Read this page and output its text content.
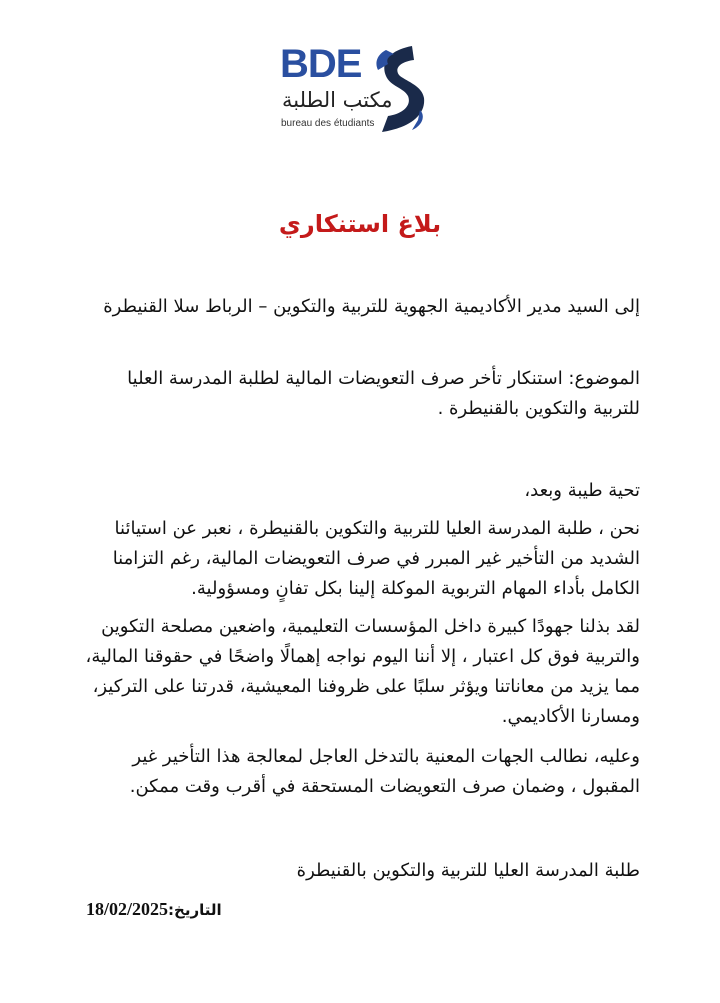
BDE
مكتب الطلبة
bureau des étudiants
بلاغ استنكاري
إلى السيد مدير الأكاديمية الجهوية للتربية والتكوين – الرباط سلا القنيطرة
الموضوع: استنكار تأخر صرف التعويضات المالية لطلبة المدرسة العليا للتربية والتكوين بالقنيطرة .
تحية طيبة وبعد،
نحن ، طلبة المدرسة العليا للتربية والتكوين بالقنيطرة ، نعبر عن استيائنا الشديد من التأخير غير المبرر في صرف التعويضات المالية، رغم التزامنا الكامل بأداء المهام التربوية الموكلة إلينا بكل تفانٍ ومسؤولية.
لقد بذلنا جهودًا كبيرة داخل المؤسسات التعليمية، واضعين مصلحة التكوين والتربية فوق كل اعتبار ، إلا أننا اليوم نواجه إهمالًا واضحًا في حقوقنا المالية، مما يزيد من معاناتنا ويؤثر سلبًا على ظروفنا المعيشية، قدرتنا على التركيز، ومسارنا الأكاديمي.
وعليه، نطالب الجهات المعنية بالتدخل العاجل لمعالجة هذا التأخير غير المقبول ، وضمان صرف التعويضات المستحقة في أقرب وقت ممكن.
طلبة المدرسة العليا للتربية والتكوين بالقنيطرة
التاريخ:18/02/2025
